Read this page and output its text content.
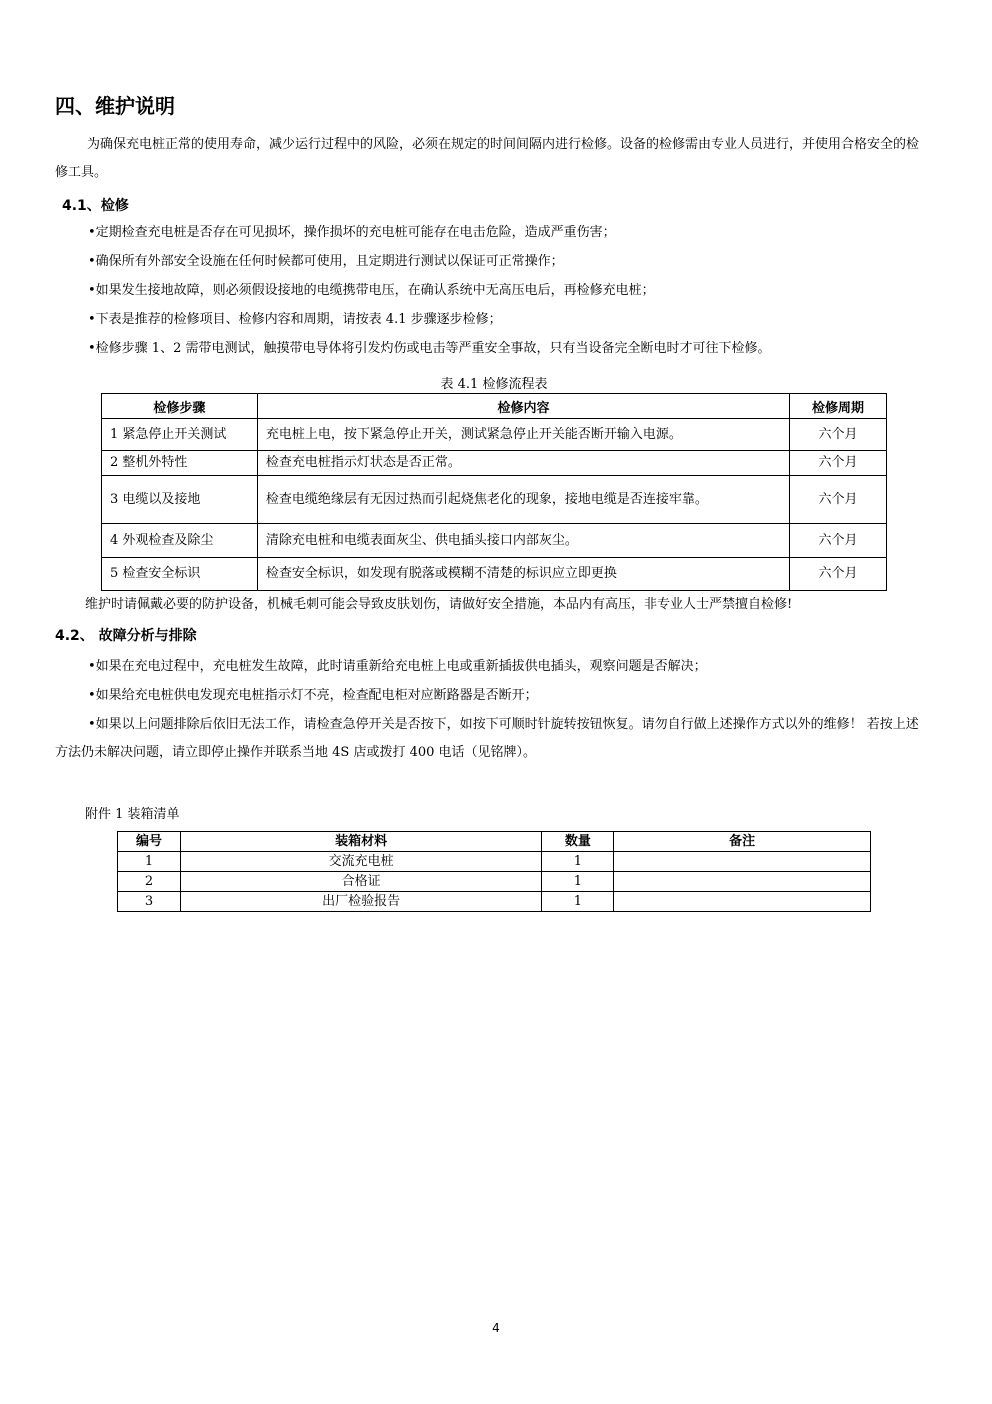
四、维护说明
为确保充电桩正常的使用寿命，减少运行过程中的风险，必须在规定的时间间隔内进行检修。设备的检修需由专业人员进行，并使用合格安全的检修工具。
4.1、检修
•定期检查充电桩是否存在可见损坏，操作损坏的充电桩可能存在电击危险，造成严重伤害；
•确保所有外部安全设施在任何时候都可使用，且定期进行测试以保证可正常操作；
•如果发生接地故障，则必须假设接地的电缆携带电压，在确认系统中无高压电后，再检修充电桩；
•下表是推荐的检修项目、检修内容和周期，请按表 4.1 步骤逐步检修；
•检修步骤 1、2 需带电测试，触摸带电导体将引发灼伤或电击等严重安全事故，只有当设备完全断电时才可往下检修。
表 4.1 检修流程表
检修步骤	检修内容	检修周期
1 紧急停止开关测试	充电桩上电，按下紧急停止开关，测试紧急停止开关能否断开输入电源。	六个月
2 整机外特性	检查充电桩指示灯状态是否正常。	六个月
3 电缆以及接地	检查电缆绝缘层有无因过热而引起烧焦老化的现象，接地电缆是否连接牢靠。	六个月
4 外观检查及除尘	清除充电桩和电缆表面灰尘、供电插头接口内部灰尘。	六个月
5 检查安全标识	检查安全标识，如发现有脱落或模糊不清楚的标识应立即更换	六个月
维护时请佩戴必要的防护设备，机械毛刺可能会导致皮肤划伤，请做好安全措施，本品内有高压，非专业人士严禁擅自检修!
4.2、 故障分析与排除
•如果在充电过程中，充电桩发生故障，此时请重新给充电桩上电或重新插拔供电插头，观察问题是否解决；
•如果给充电桩供电发现充电桩指示灯不亮，检查配电柜对应断路器是否断开；
•如果以上问题排除后依旧无法工作，请检查急停开关是否按下，如按下可顺时针旋转按钮恢复。请勿自行做上述操作方式以外的维修！ 若按上述方法仍未解决问题，请立即停止操作并联系当地 4S 店或拨打 400 电话（见铭牌）。
附件 1 装箱清单
编号	装箱材料	数量	备注
1	交流充电桩	1	
2	合格证	1	
3	出厂检验报告	1	
4
